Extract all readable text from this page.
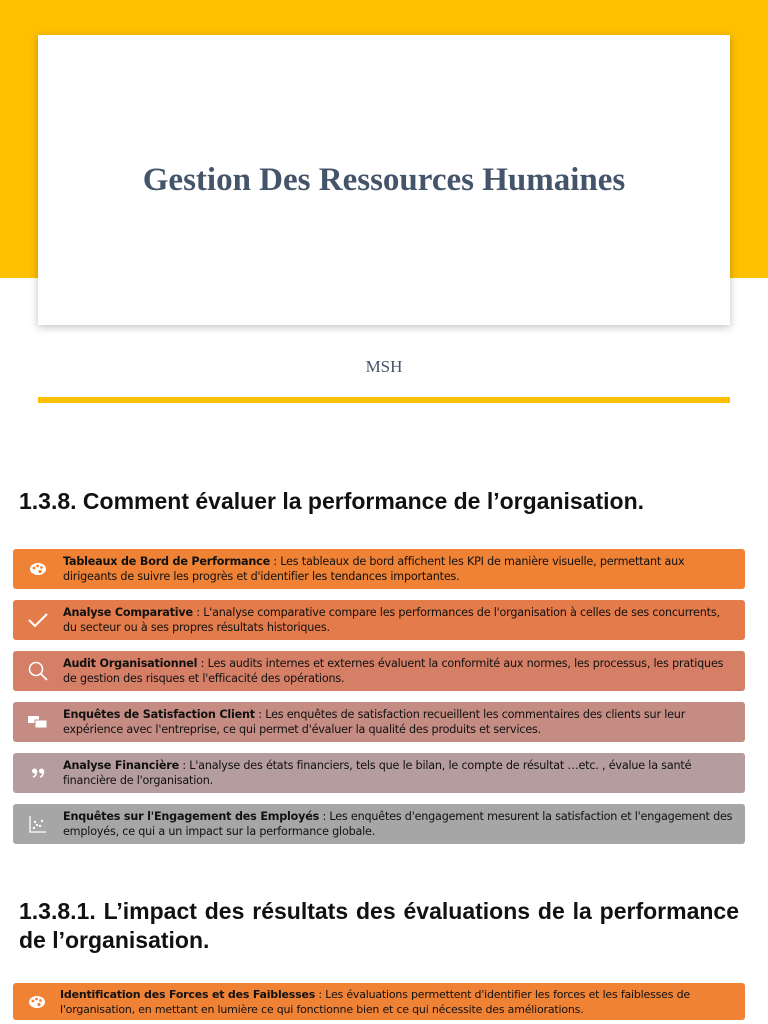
Gestion Des Ressources Humaines
MSH
1.3.8. Comment évaluer la performance de l’organisation.
Tableaux de Bord de Performance : Les tableaux de bord affichent les KPI de manière visuelle, permettant aux dirigeants de suivre les progrès et d'identifier les tendances importantes.
Analyse Comparative : L'analyse comparative compare les performances de l'organisation à celles de ses concurrents, du secteur ou à ses propres résultats historiques.
Audit Organisationnel : Les audits internes et externes évaluent la conformité aux normes, les processus, les pratiques de gestion des risques et l'efficacité des opérations.
Enquêtes de Satisfaction Client : Les enquêtes de satisfaction recueillent les commentaires des clients sur leur expérience avec l'entreprise, ce qui permet d'évaluer la qualité des produits et services.
Analyse Financière : L'analyse des états financiers, tels que le bilan, le compte de résultat …etc. , évalue la santé financière de l'organisation.
Enquêtes sur l'Engagement des Employés : Les enquêtes d'engagement mesurent la satisfaction et l'engagement des employés, ce qui a un impact sur la performance globale.
1.3.8.1. L’impact des résultats des évaluations de la performance de l’organisation.
Identification des Forces et des Faiblesses : Les évaluations permettent d'identifier les forces et les faiblesses de l'organisation, en mettant en lumière ce qui fonctionne bien et ce qui nécessite des améliorations.
